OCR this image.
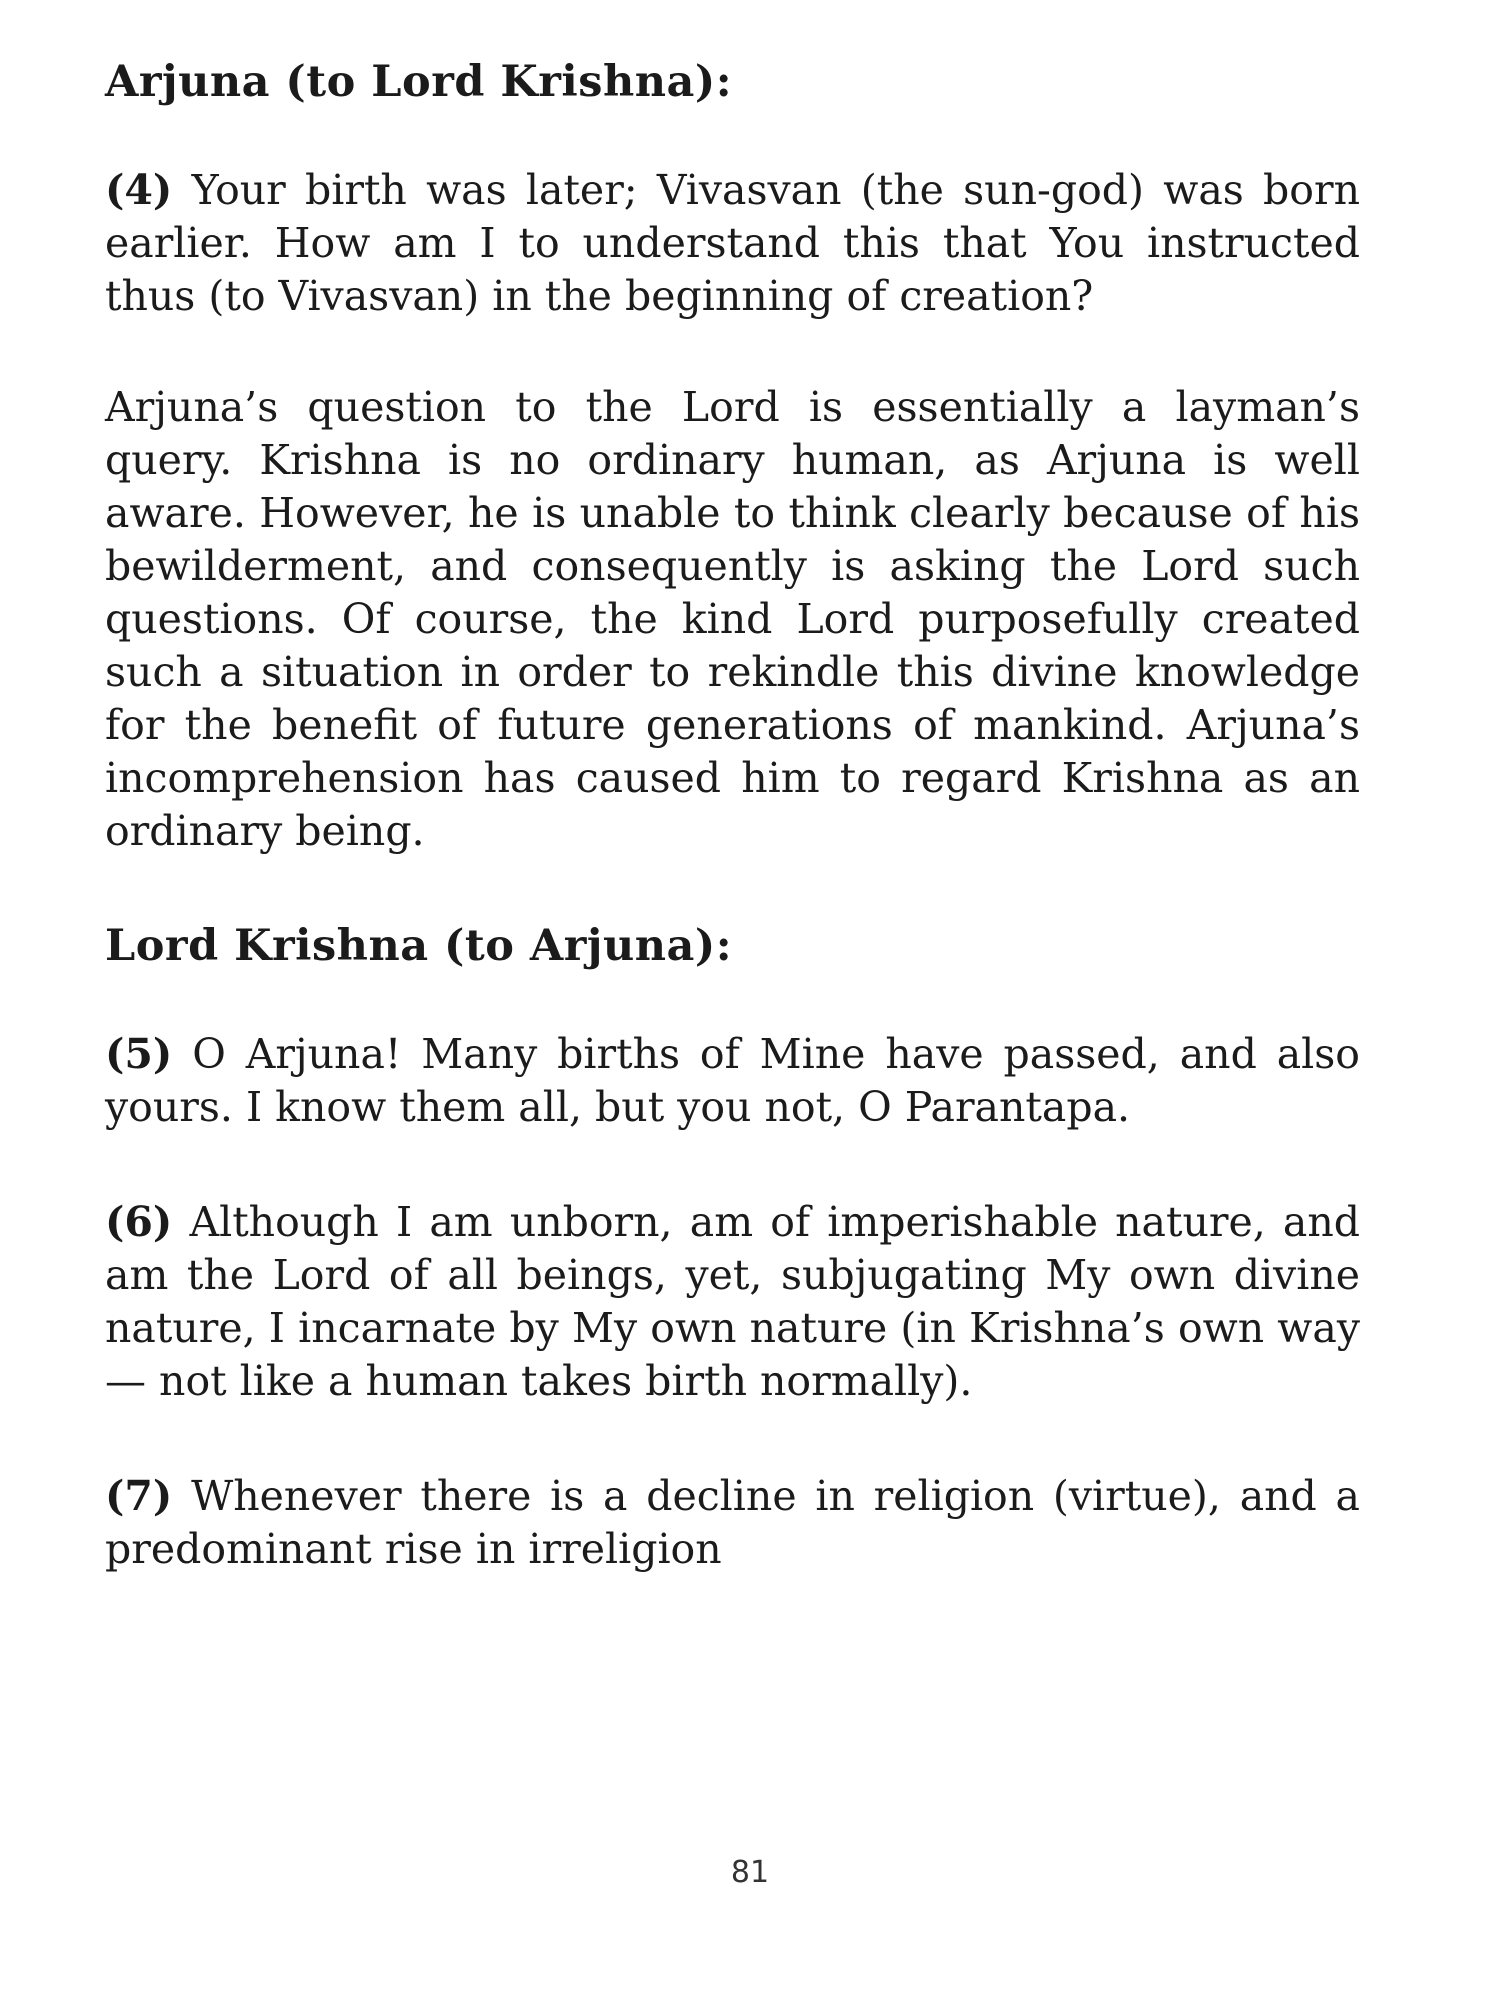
Arjuna (to Lord Krishna):

(4) Your birth was later; Vivasvan (the sun-god) was born earlier. How am I to understand this that You instructed thus (to Vivasvan) in the beginning of creation?

Arjuna’s question to the Lord is essentially a layman’s query. Krishna is no ordinary human, as Arjuna is well aware. However, he is unable to think clearly because of his bewilderment, and consequently is asking the Lord such questions. Of course, the kind Lord purposefully created such a situation in order to rekindle this divine knowledge for the benefit of future generations of mankind. Arjuna’s incomprehension has caused him to regard Krishna as an ordinary being.

Lord Krishna (to Arjuna):

(5) O Arjuna! Many births of Mine have passed, and also yours. I know them all, but you not, O Parantapa.

(6) Although I am unborn, am of imperishable nature, and am the Lord of all beings, yet, subjugating My own divine nature, I incarnate by My own nature (in Krishna’s own way — not like a human takes birth normally).

(7) Whenever there is a decline in religion (virtue), and a predominant rise in irreligion

81
